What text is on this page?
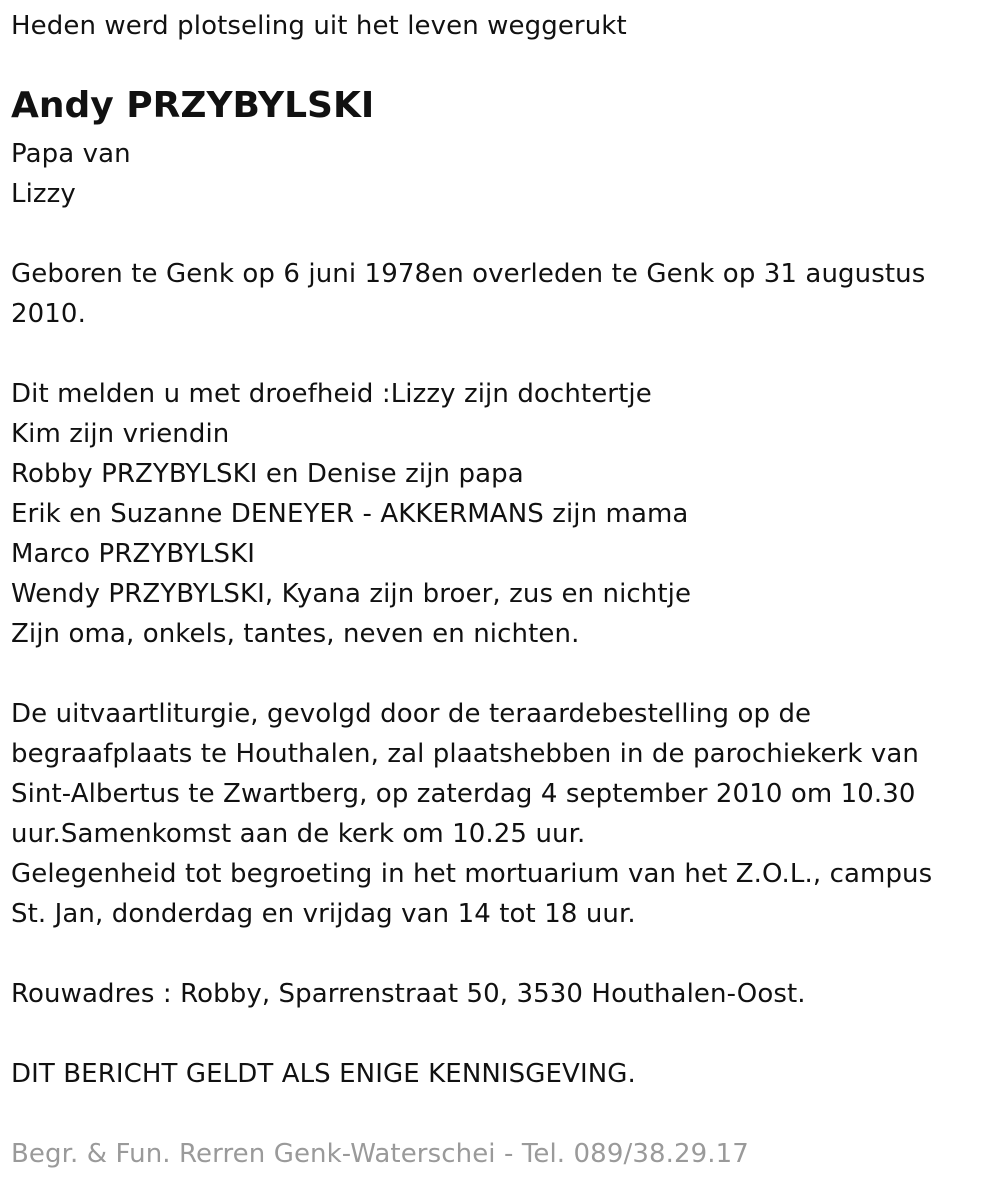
Heden werd plotseling uit het leven weggerukt

Andy PRZYBYLSKI

Papa van

Lizzy

Geboren te Genk op 6 juni 1978en overleden te Genk op 31 augustus

2010.

Dit melden u met droefheid :Lizzy zijn dochtertje

Kim zijn vriendin

Robby PRZYBYLSKI en Denise zijn papa

Erik en Suzanne DENEYER - AKKERMANS zijn mama

Marco PRZYBYLSKI

Wendy PRZYBYLSKI, Kyana zijn broer, zus en nichtje

Zijn oma, onkels, tantes, neven en nichten.

De uitvaartliturgie, gevolgd door de teraardebestelling op de

begraafplaats te Houthalen, zal plaatshebben in de parochiekerk van

Sint-Albertus te Zwartberg, op zaterdag 4 september 2010 om 10.30

uur.Samenkomst aan de kerk om 10.25 uur.

Gelegenheid tot begroeting in het mortuarium van het Z.O.L., campus

St. Jan, donderdag en vrijdag van 14 tot 18 uur.

Rouwadres : Robby, Sparrenstraat 50, 3530 Houthalen-Oost.

DIT BERICHT GELDT ALS ENIGE KENNISGEVING.

Begr. & Fun. Rerren Genk-Waterschei - Tel. 089/38.29.17
